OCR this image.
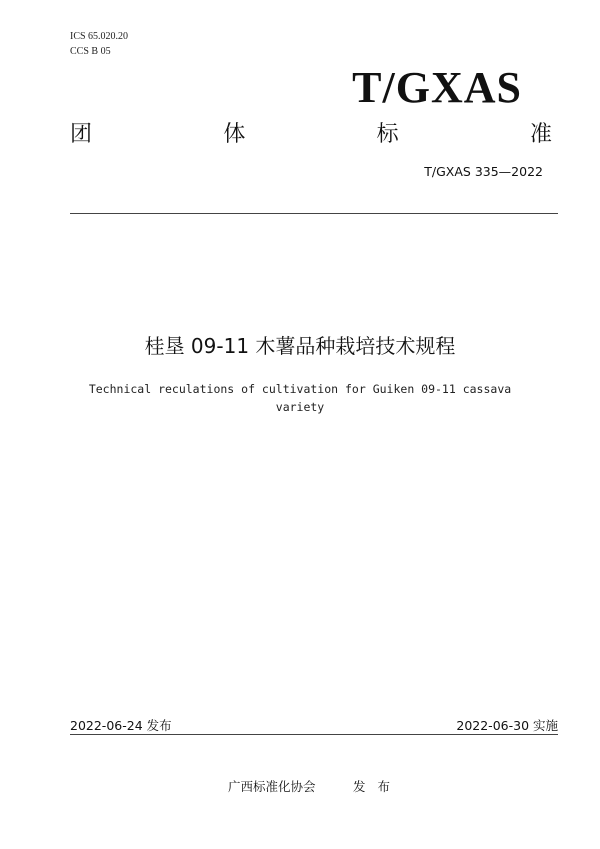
ICS 65.020.20
CCS B 05
T/GXAS
团	体	标	准
T/GXAS 335—2022
桂垦 09-11 木薯品种栽培技术规程
Technical reculations of cultivation for Guiken 09-11 cassava
variety
2022-06-24 发布	2022-06-30 实施
广西标准化协会	发 布
